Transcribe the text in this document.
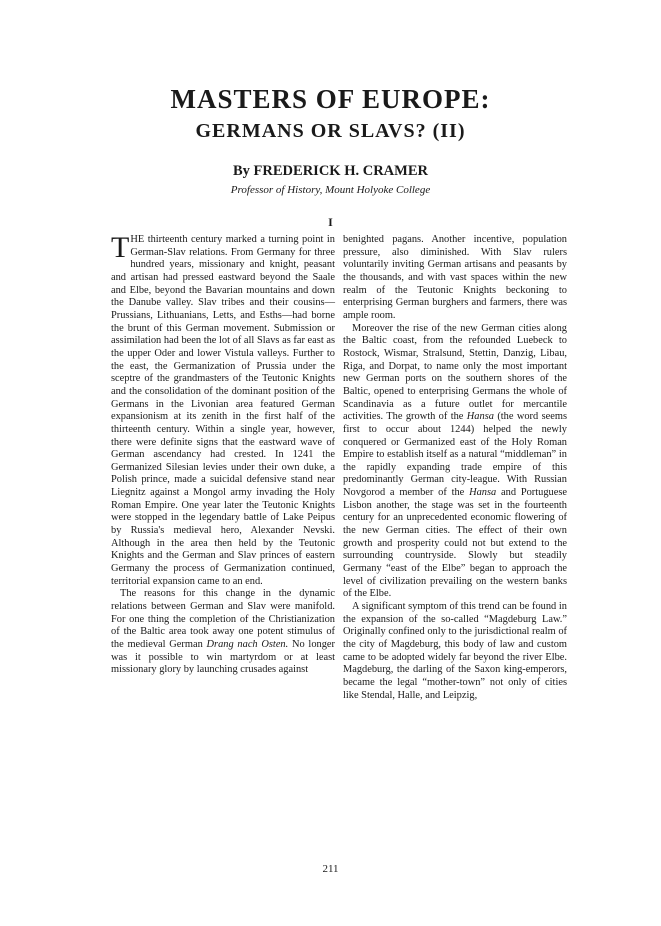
MASTERS OF EUROPE:
GERMANS OR SLAVS? (II)
By FREDERICK H. CRAMER
Professor of History, Mount Holyoke College
I

THE thirteenth century marked a turning point in German-Slav relations. From Germany for three hundred years, missionary and knight, peasant and artisan had pressed eastward beyond the Saale and Elbe, beyond the Bavarian mountains and down the Danube valley. Slav tribes and their cousins—Prussians, Lithuanians, Letts, and Esths—had borne the brunt of this German movement. Submission or assimilation had been the lot of all Slavs as far east as the upper Oder and lower Vistula valleys. Further to the east, the Germanization of Prussia under the sceptre of the grandmasters of the Teutonic Knights and the consolidation of the dominant position of the Germans in the Livonian area featured German expansionism at its zenith in the first half of the thirteenth century. Within a single year, however, there were definite signs that the eastward wave of German ascendancy had crested. In 1241 the Germanized Silesian levies under their own duke, a Polish prince, made a suicidal defensive stand near Liegnitz against a Mongol army invading the Holy Roman Empire. One year later the Teutonic Knights were stopped in the legendary battle of Lake Peipus by Russia's medieval hero, Alexander Nevski. Although in the area then held by the Teutonic Knights and the German and Slav princes of eastern Germany the process of Germanization continued, territorial expansion came to an end.

The reasons for this change in the dynamic relations between German and Slav were manifold. For one thing the completion of the Christianization of the Baltic area took away one potent stimulus of the medieval German Drang nach Osten. No longer was it possible to win martyrdom or at least missionary glory by launching crusades against

benighted pagans. Another incentive, population pressure, also diminished. With Slav rulers voluntarily inviting German artisans and peasants by the thousands, and with vast spaces within the new realm of the Teutonic Knights beckoning to enterprising German burghers and farmers, there was ample room.

Moreover the rise of the new German cities along the Baltic coast, from the refounded Luebeck to Rostock, Wismar, Stralsund, Stettin, Danzig, Libau, Riga, and Dorpat, to name only the most important new German ports on the southern shores of the Baltic, opened to enterprising Germans the whole of Scandinavia as a future outlet for mercantile activities. The growth of the Hansa (the word seems first to occur about 1244) helped the newly conquered or Germanized east of the Holy Roman Empire to establish itself as a natural “middleman” in the rapidly expanding trade empire of this predominantly German city-league. With Russian Novgorod a member of the Hansa and Portuguese Lisbon another, the stage was set in the fourteenth century for an unprecedented economic flowering of the new German cities. The effect of their own growth and prosperity could not but extend to the surrounding countryside. Slowly but steadily Germany “east of the Elbe” began to approach the level of civilization prevailing on the western banks of the Elbe.

A significant symptom of this trend can be found in the expansion of the so-called “Magdeburg Law.” Originally confined only to the jurisdictional realm of the city of Magdeburg, this body of law and custom came to be adopted widely far beyond the river Elbe. Magdeburg, the darling of the Saxon king-emperors, became the legal “mother-town” not only of cities like Stendal, Halle, and Leipzig,

211
